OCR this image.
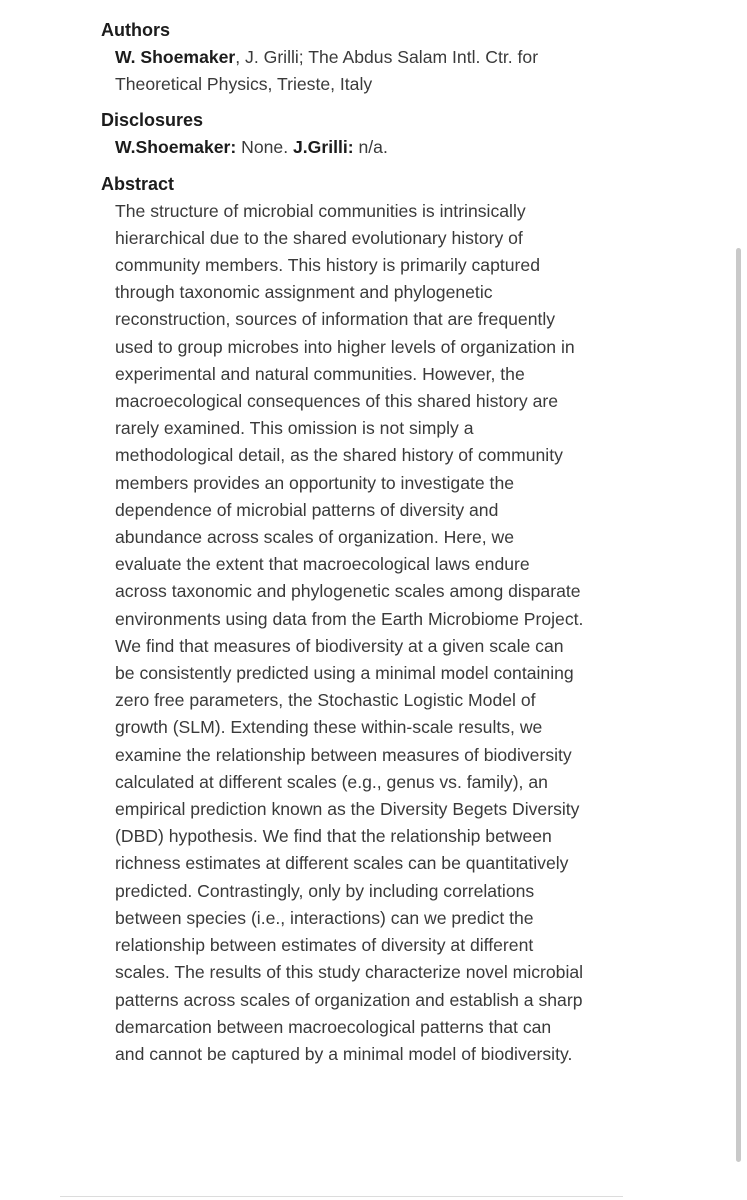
Authors
W. Shoemaker, J. Grilli; The Abdus Salam Intl. Ctr. for Theoretical Physics, Trieste, Italy
Disclosures
W.Shoemaker: None. J.Grilli: n/a.
Abstract
The structure of microbial communities is intrinsically hierarchical due to the shared evolutionary history of community members. This history is primarily captured through taxonomic assignment and phylogenetic reconstruction, sources of information that are frequently used to group microbes into higher levels of organization in experimental and natural communities. However, the macroecological consequences of this shared history are rarely examined. This omission is not simply a methodological detail, as the shared history of community members provides an opportunity to investigate the dependence of microbial patterns of diversity and abundance across scales of organization. Here, we evaluate the extent that macroecological laws endure across taxonomic and phylogenetic scales among disparate environments using data from the Earth Microbiome Project. We find that measures of biodiversity at a given scale can be consistently predicted using a minimal model containing zero free parameters, the Stochastic Logistic Model of growth (SLM). Extending these within-scale results, we examine the relationship between measures of biodiversity calculated at different scales (e.g., genus vs. family), an empirical prediction known as the Diversity Begets Diversity (DBD) hypothesis. We find that the relationship between richness estimates at different scales can be quantitatively predicted. Contrastingly, only by including correlations between species (i.e., interactions) can we predict the relationship between estimates of diversity at different scales. The results of this study characterize novel microbial patterns across scales of organization and establish a sharp demarcation between macroecological patterns that can and cannot be captured by a minimal model of biodiversity.
